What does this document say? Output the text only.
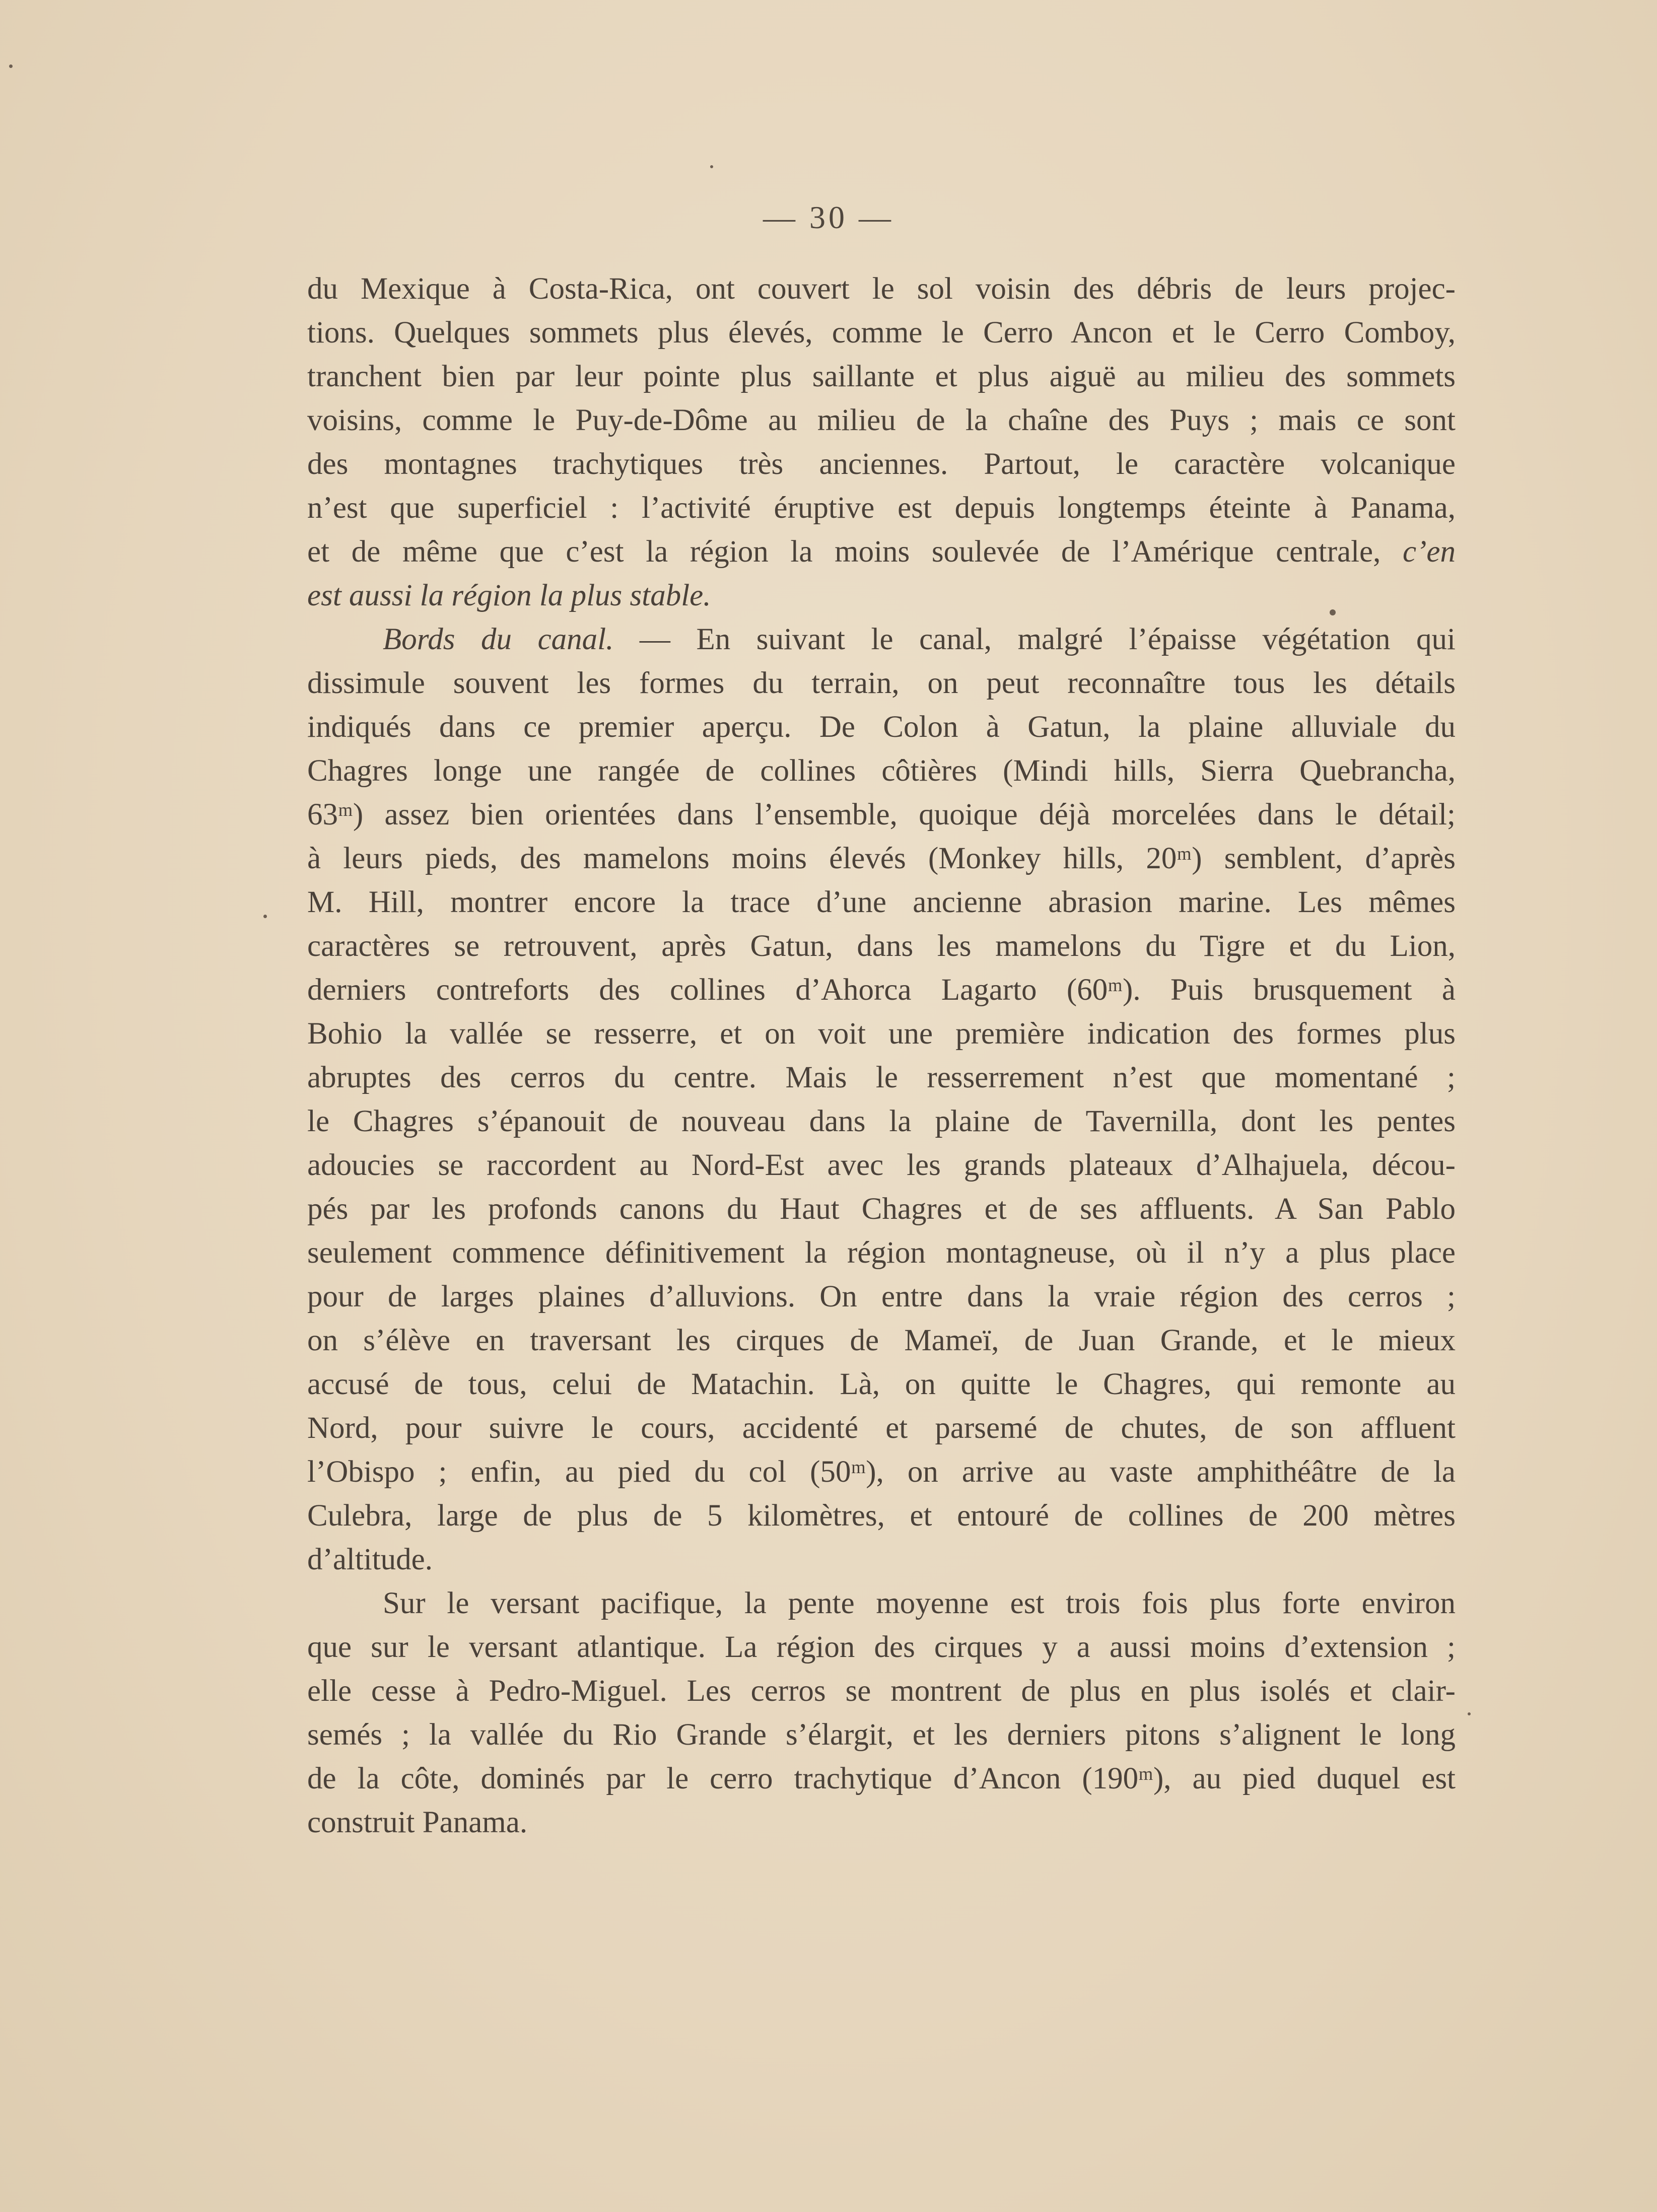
— 30 —
du Mexique à Costa-Rica, ont couvert le sol voisin des débris de leurs projec-
tions. Quelques sommets plus élevés, comme le Cerro Ancon et le Cerro Comboy,
tranchent bien par leur pointe plus saillante et plus aiguë au milieu des sommets
voisins, comme le Puy-de-Dôme au milieu de la chaîne des Puys ; mais ce sont
des montagnes trachytiques très anciennes. Partout, le caractère volcanique
n’est que superficiel : l’activité éruptive est depuis longtemps éteinte à Panama,
et de même que c’est la région la moins soulevée de l’Amérique centrale, c’en
est aussi la région la plus stable.
Bords du canal. — En suivant le canal, malgré l’épaisse végétation qui
dissimule souvent les formes du terrain, on peut reconnaître tous les détails
indiqués dans ce premier aperçu. De Colon à Gatun, la plaine alluviale du
Chagres longe une rangée de collines côtières (Mindi hills, Sierra Quebrancha,
63ᵐ) assez bien orientées dans l’ensemble, quoique déjà morcelées dans le détail;
à leurs pieds, des mamelons moins élevés (Monkey hills, 20ᵐ) semblent, d’après
M. Hill, montrer encore la trace d’une ancienne abrasion marine. Les mêmes
caractères se retrouvent, après Gatun, dans les mamelons du Tigre et du Lion,
derniers contreforts des collines d’Ahorca Lagarto (60ᵐ). Puis brusquement à
Bohio la vallée se resserre, et on voit une première indication des formes plus
abruptes des cerros du centre. Mais le resserrement n’est que momentané ;
le Chagres s’épanouit de nouveau dans la plaine de Tavernilla, dont les pentes
adoucies se raccordent au Nord-Est avec les grands plateaux d’Alhajuela, décou-
pés par les profonds canons du Haut Chagres et de ses affluents. A San Pablo
seulement commence définitivement la région montagneuse, où il n’y a plus place
pour de larges plaines d’alluvions. On entre dans la vraie région des cerros ;
on s’élève en traversant les cirques de Mameï, de Juan Grande, et le mieux
accusé de tous, celui de Matachin. Là, on quitte le Chagres, qui remonte au
Nord, pour suivre le cours, accidenté et parsemé de chutes, de son affluent
l’Obispo ; enfin, au pied du col (50ᵐ), on arrive au vaste amphithéâtre de la
Culebra, large de plus de 5 kilomètres, et entouré de collines de 200 mètres
d’altitude.
Sur le versant pacifique, la pente moyenne est trois fois plus forte environ
que sur le versant atlantique. La région des cirques y a aussi moins d’extension ;
elle cesse à Pedro-Miguel. Les cerros se montrent de plus en plus isolés et clair-
semés ; la vallée du Rio Grande s’élargit, et les derniers pitons s’alignent le long
de la côte, dominés par le cerro trachytique d’Ancon (190ᵐ), au pied duquel est
construit Panama.
